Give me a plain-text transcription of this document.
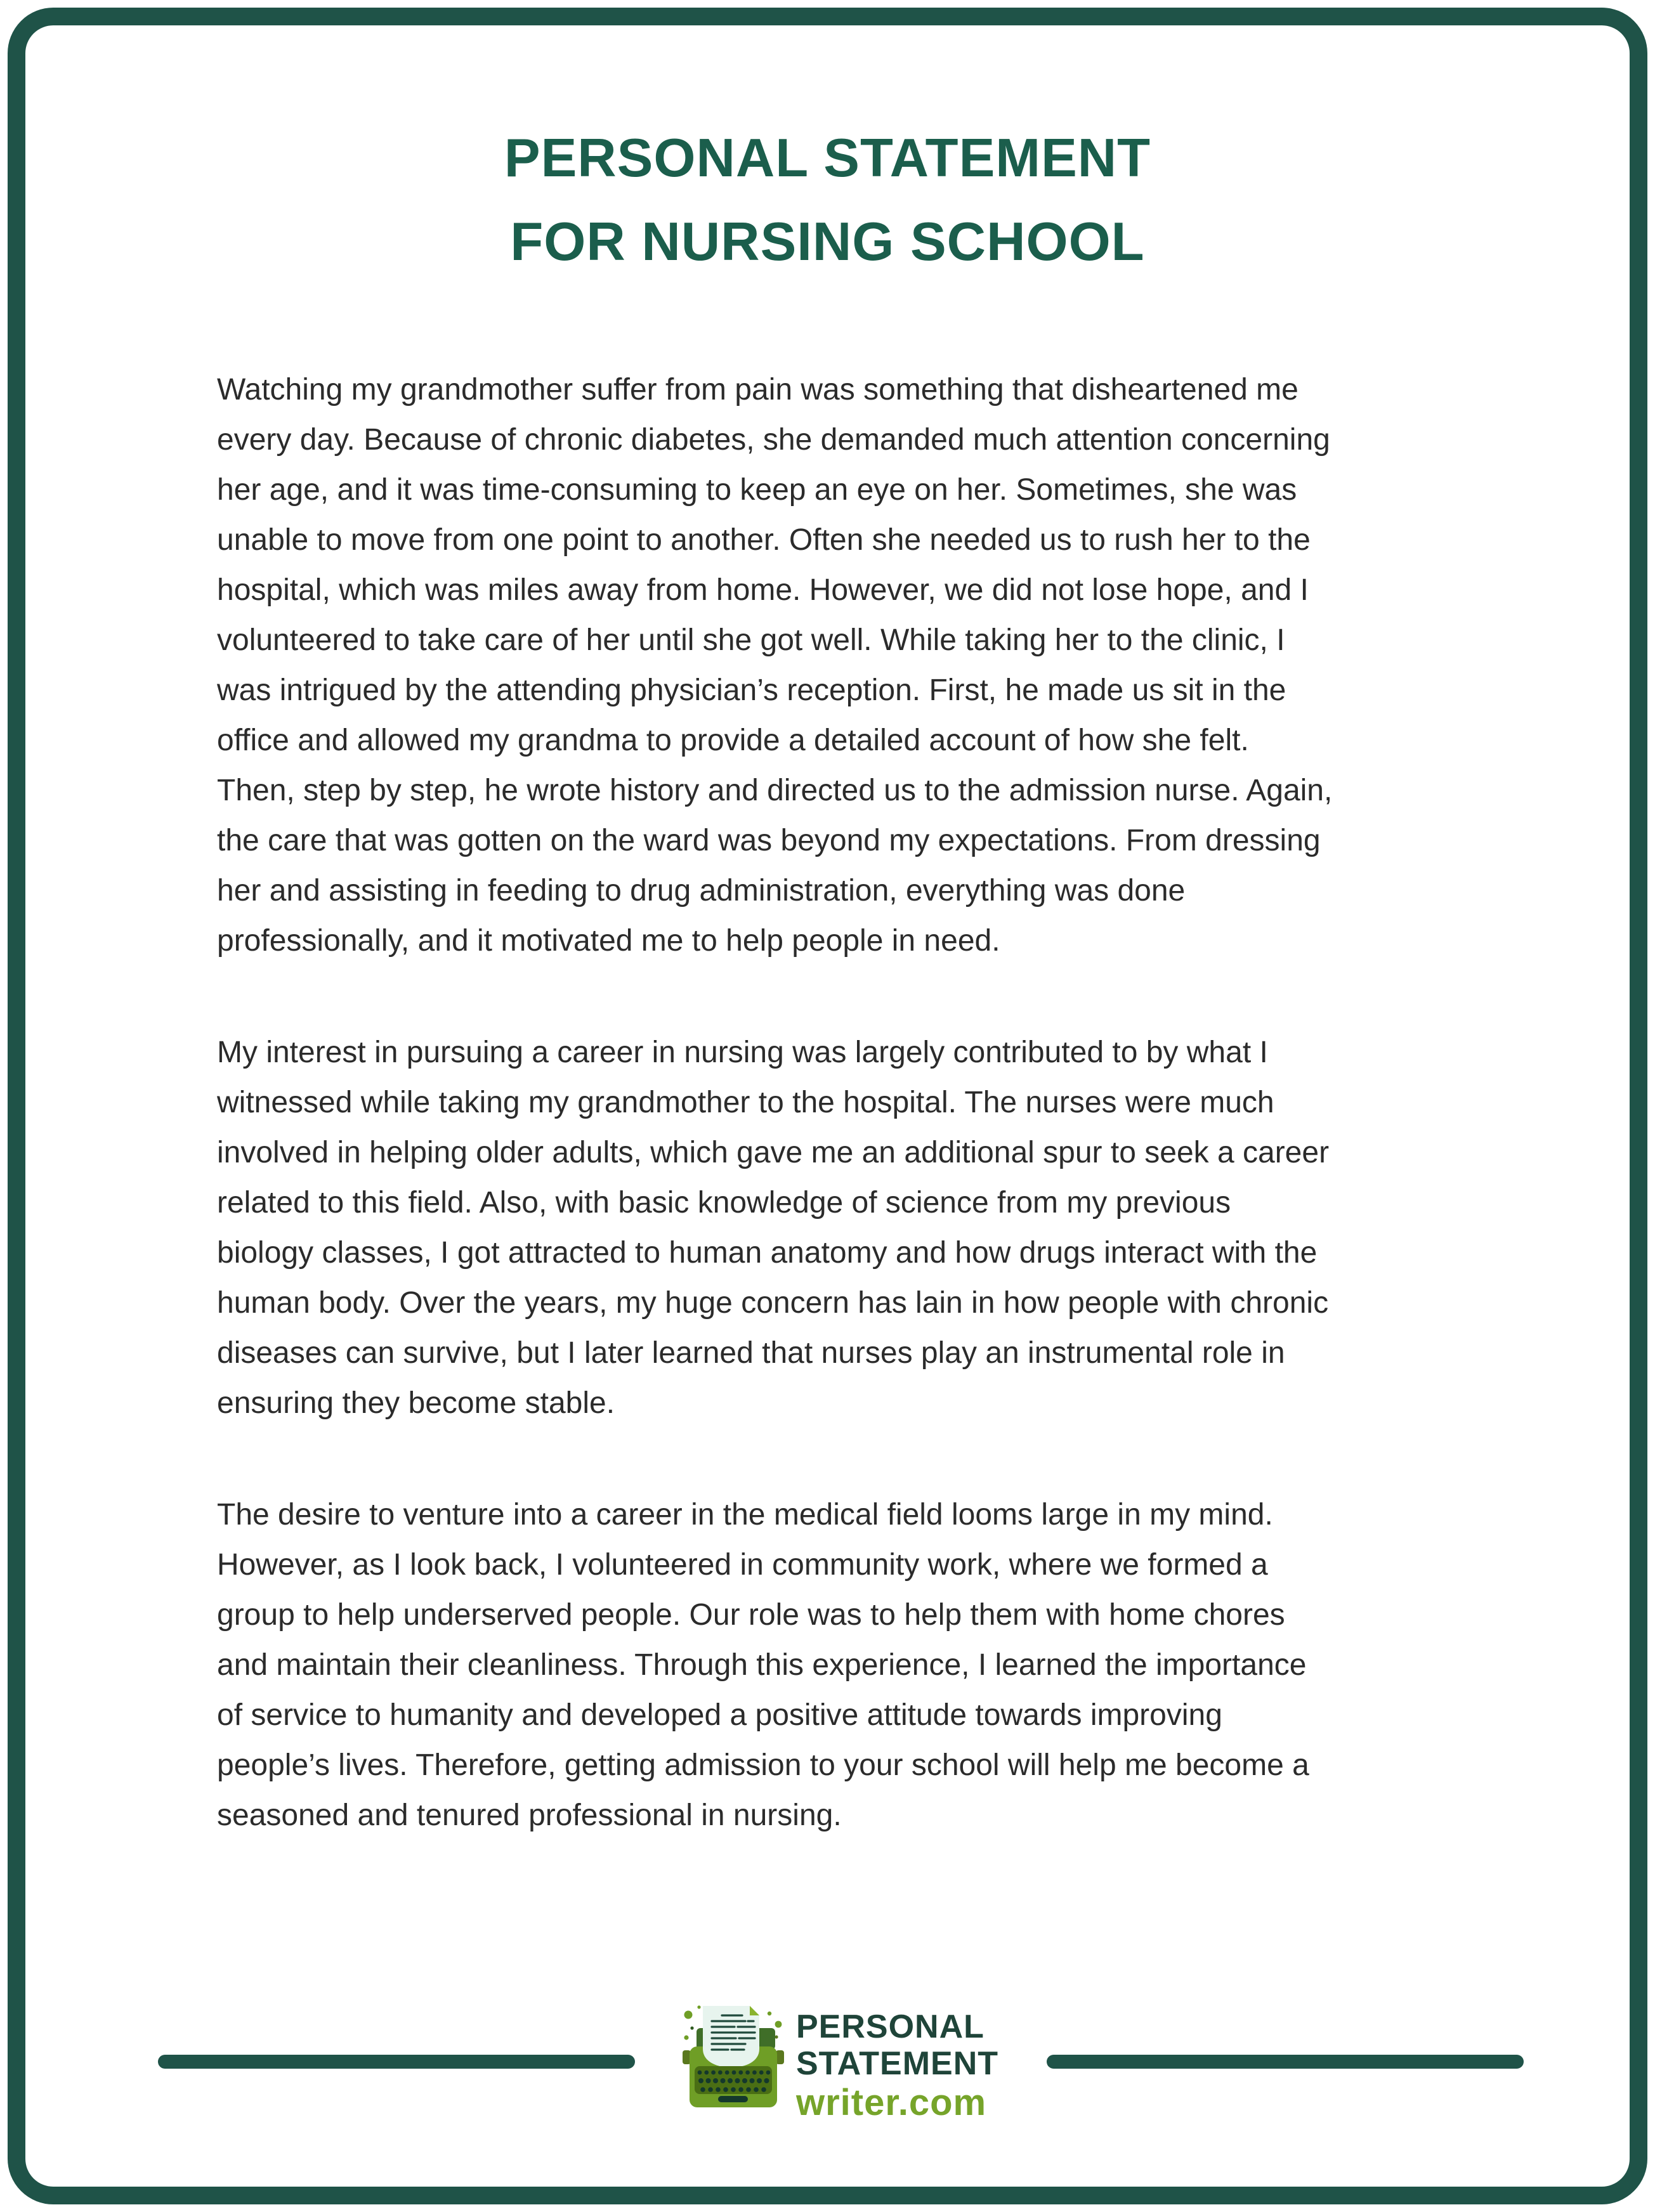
PERSONAL STATEMENT
FOR NURSING SCHOOL

Watching my grandmother suffer from pain was something that disheartened me
every day. Because of chronic diabetes, she demanded much attention concerning
her age, and it was time-consuming to keep an eye on her. Sometimes, she was
unable to move from one point to another. Often she needed us to rush her to the
hospital, which was miles away from home. However, we did not lose hope, and I
volunteered to take care of her until she got well. While taking her to the clinic, I
was intrigued by the attending physician’s reception. First, he made us sit in the
office and allowed my grandma to provide a detailed account of how she felt.
Then, step by step, he wrote history and directed us to the admission nurse. Again,
the care that was gotten on the ward was beyond my expectations. From dressing
her and assisting in feeding to drug administration, everything was done
professionally, and it motivated me to help people in need.

My interest in pursuing a career in nursing was largely contributed to by what I
witnessed while taking my grandmother to the hospital. The nurses were much
involved in helping older adults, which gave me an additional spur to seek a career
related to this field. Also, with basic knowledge of science from my previous
biology classes, I got attracted to human anatomy and how drugs interact with the
human body. Over the years, my huge concern has lain in how people with chronic
diseases can survive, but I later learned that nurses play an instrumental role in
ensuring they become stable.

The desire to venture into a career in the medical field looms large in my mind.
However, as I look back, I volunteered in community work, where we formed a
group to help underserved people. Our role was to help them with home chores
and maintain their cleanliness. Through this experience, I learned the importance
of service to humanity and developed a positive attitude towards improving
people’s lives. Therefore, getting admission to your school will help me become a
seasoned and tenured professional in nursing.

PERSONAL
STATEMENT
writer.com
